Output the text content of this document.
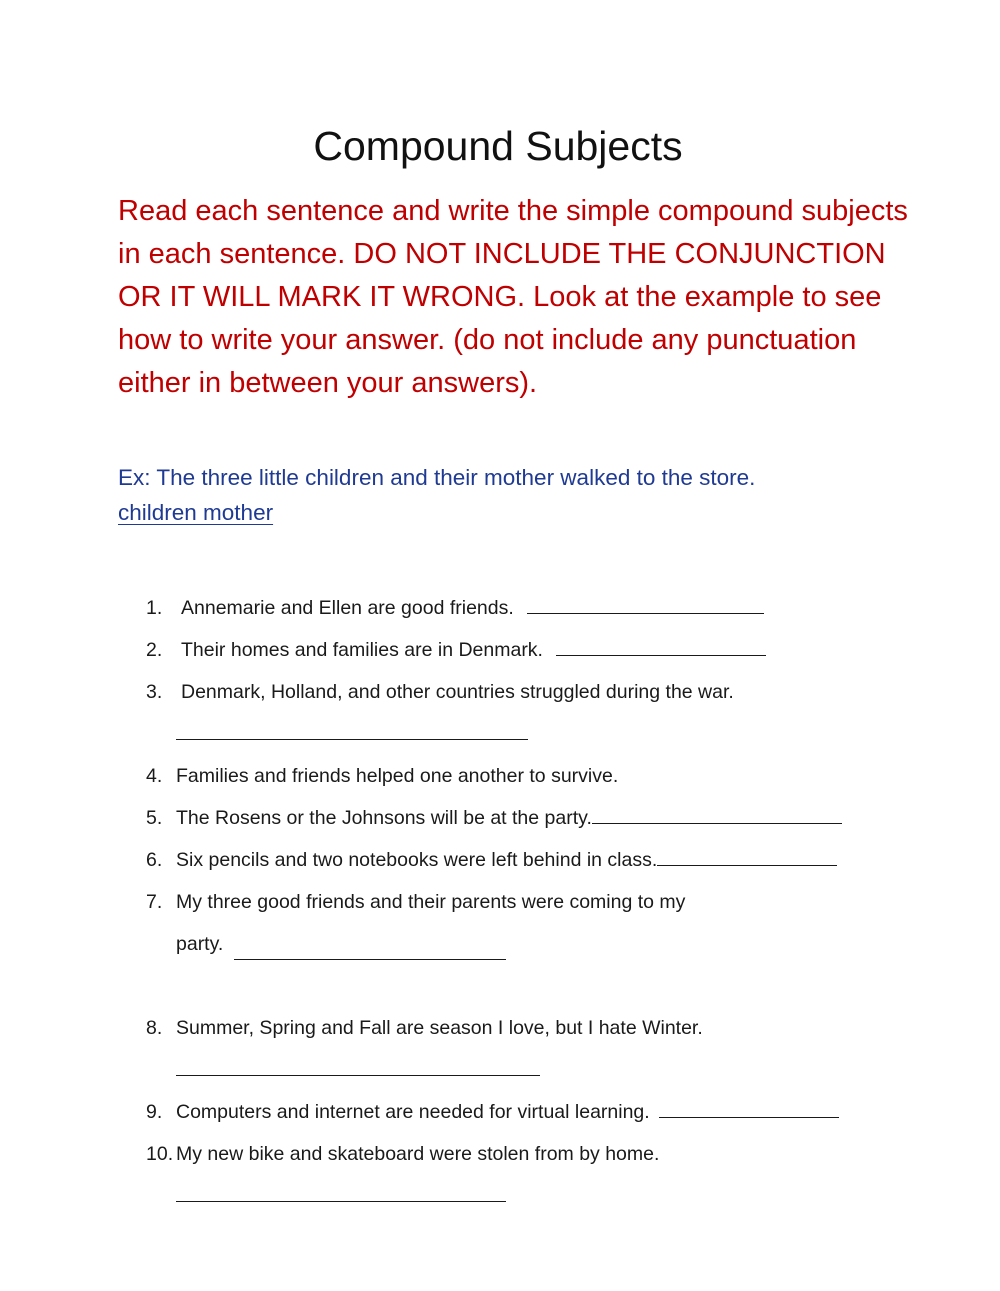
Compound Subjects

Read each sentence and write the simple compound subjects in each sentence. DO NOT INCLUDE THE CONJUNCTION OR IT WILL MARK IT WRONG. Look at the example to see how to write your answer. (do not include any punctuation either in between your answers).

Ex: The three little children and their mother walked to the store.
children mother
1. Annemarie and Ellen are good friends.
2. Their homes and families are in Denmark.
3. Denmark, Holland, and other countries struggled during the war.
4. Families and friends helped one another to survive.
5. The Rosens or the Johnsons will be at the party.
6. Six pencils and two notebooks were left behind in class.
7. My three good friends and their parents were coming to my
party.

8. Summer, Spring and Fall are season I love, but I hate Winter.
9. Computers and internet are needed for virtual learning.
10. My new bike and skateboard were stolen from by home.
